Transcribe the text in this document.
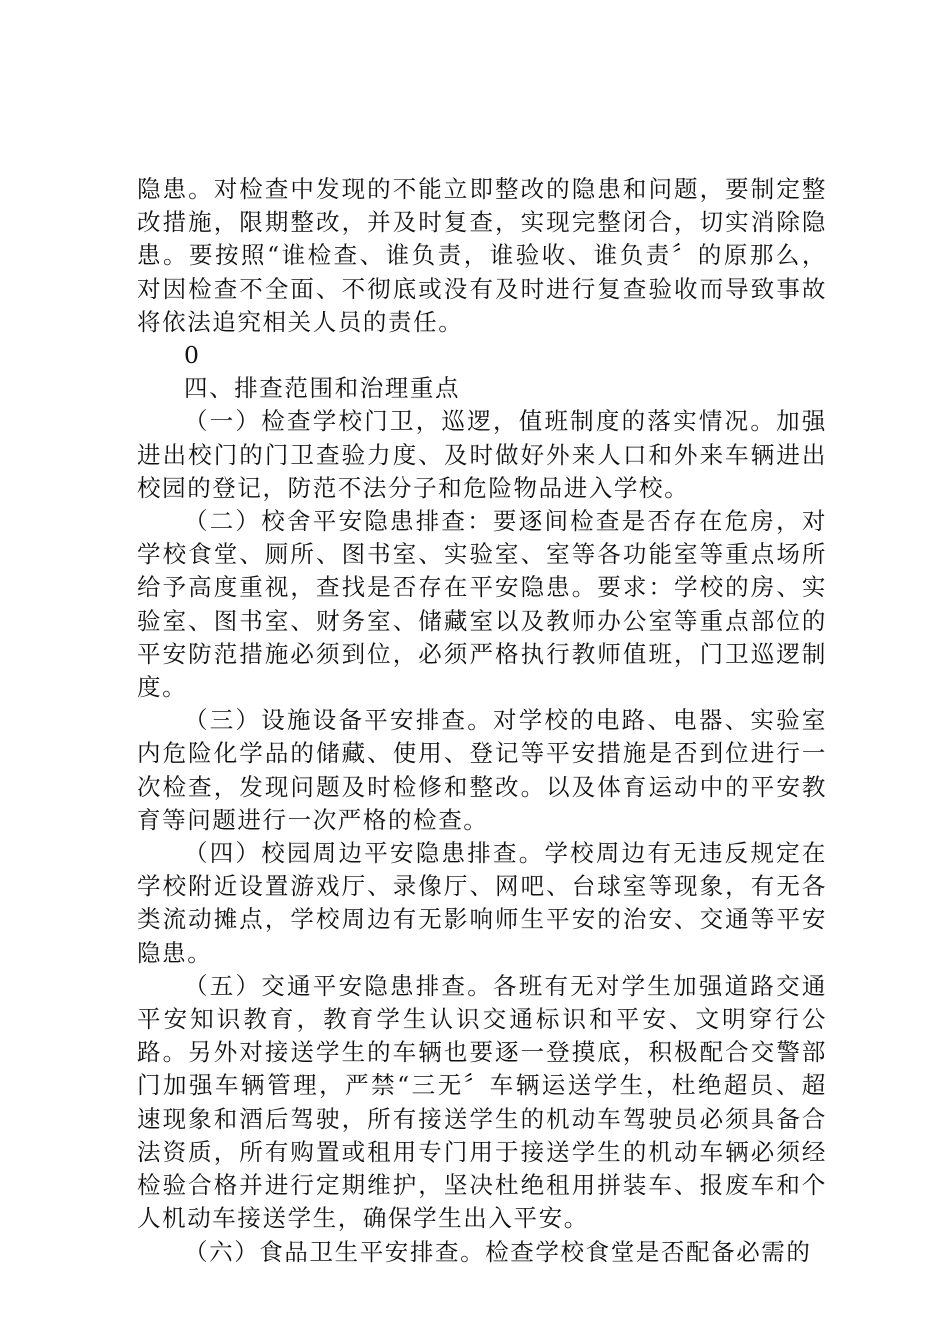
隐患。对检查中发现的不能立即整改的隐患和问题，要制定整改措施，限期整改，并及时复查，实现完整闭合，切实消除隐患。要按照“谁检查、谁负责，谁验收、谁负责〞的原那么，对因检查不全面、不彻底或没有及时进行复查验收而导致事故将依法追究相关人员的责任。

0

四、排查范围和治理重点

（一）检查学校门卫，巡逻，值班制度的落实情况。加强进出校门的门卫查验力度、及时做好外来人口和外来车辆进出校园的登记，防范不法分子和危险物品进入学校。

（二）校舍平安隐患排查：要逐间检查是否存在危房，对学校食堂、厕所、图书室、实验室、室等各功能室等重点场所给予高度重视，查找是否存在平安隐患。要求：学校的房、实验室、图书室、财务室、储藏室以及教师办公室等重点部位的平安防范措施必须到位，必须严格执行教师值班，门卫巡逻制度。

（三）设施设备平安排查。对学校的电路、电器、实验室内危险化学品的储藏、使用、登记等平安措施是否到位进行一次检查，发现问题及时检修和整改。以及体育运动中的平安教育等问题进行一次严格的检查。

（四）校园周边平安隐患排查。学校周边有无违反规定在学校附近设置游戏厅、录像厅、网吧、台球室等现象，有无各类流动摊点，学校周边有无影响师生平安的治安、交通等平安隐患。

（五）交通平安隐患排查。各班有无对学生加强道路交通平安知识教育，教育学生认识交通标识和平安、文明穿行公路。另外对接送学生的车辆也要逐一登摸底，积极配合交警部门加强车辆管理，严禁“三无〞车辆运送学生，杜绝超员、超速现象和酒后驾驶，所有接送学生的机动车驾驶员必须具备合法资质，所有购置或租用专门用于接送学生的机动车辆必须经检验合格并进行定期维护，坚决杜绝租用拼装车、报废车和个人机动车接送学生，确保学生出入平安。

（六）食品卫生平安排查。检查学校食堂是否配备必需的
